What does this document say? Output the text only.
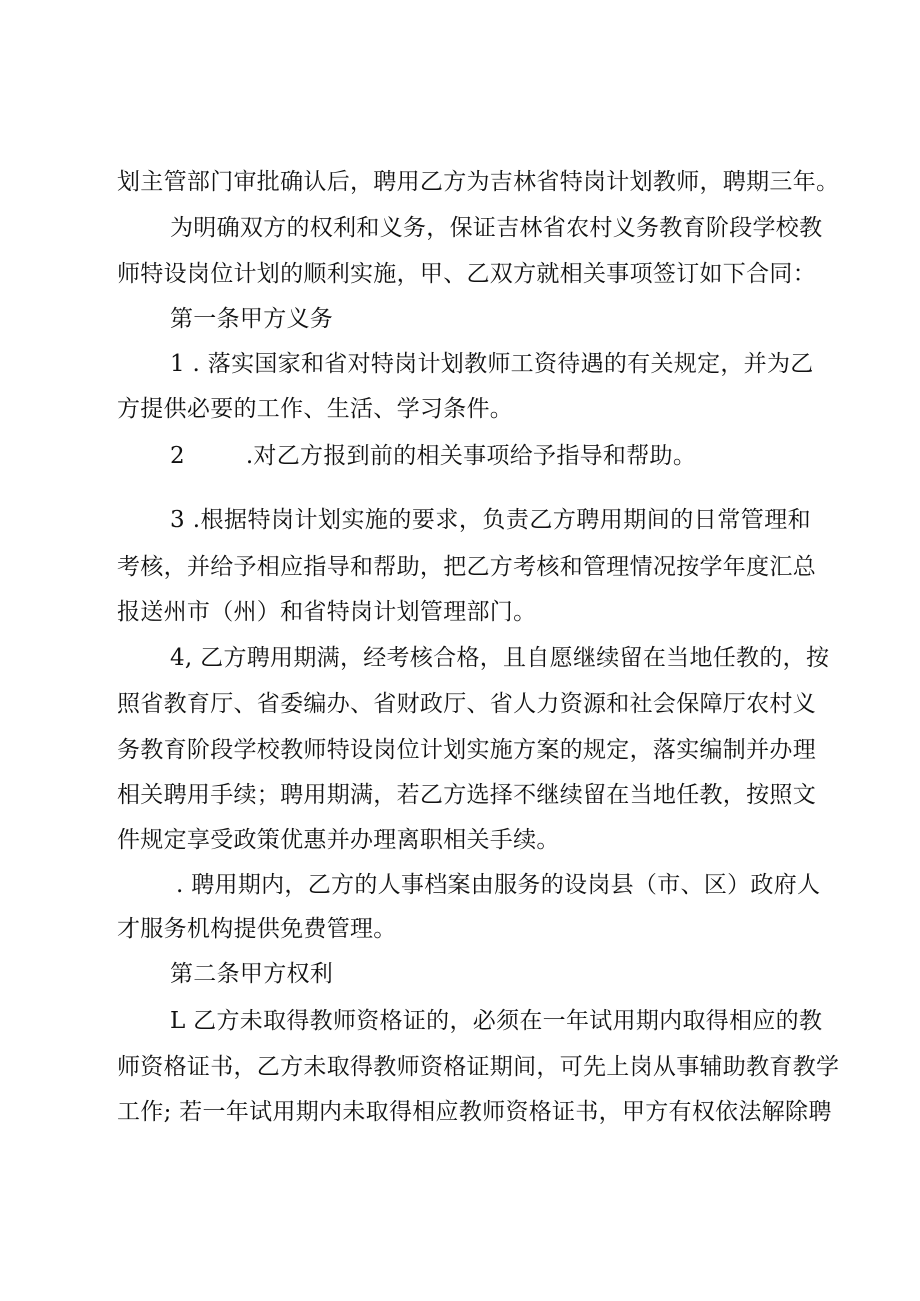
划主管部门审批确认后，聘用乙方为吉林省特岗计划教师，聘期三年。
为明确双方的权利和义务，保证吉林省农村义务教育阶段学校教
师特设岗位计划的顺利实施，甲、乙双方就相关事项签订如下合同：
第一条甲方义务
1 . 落实国家和省对特岗计划教师工资待遇的有关规定，并为乙
方提供必要的工作、生活、学习条件。
2        .对乙方报到前的相关事项给予指导和帮助。
3 .根据特岗计划实施的要求，负责乙方聘用期间的日常管理和
考核，并给予相应指导和帮助，把乙方考核和管理情况按学年度汇总
报送州市（州）和省特岗计划管理部门。
4, 乙方聘用期满，经考核合格，且自愿继续留在当地任教的，按
照省教育厅、省委编办、省财政厅、省人力资源和社会保障厅农村义
务教育阶段学校教师特设岗位计划实施方案的规定，落实编制并办理
相关聘用手续；聘用期满，若乙方选择不继续留在当地任教，按照文
件规定享受政策优惠并办理离职相关手续。
. 聘用期内，乙方的人事档案由服务的设岗县（市、区）政府人
才服务机构提供免费管理。
第二条甲方权利
L 乙方未取得教师资格证的，必须在一年试用期内取得相应的教
师资格证书，乙方未取得教师资格证期间，可先上岗从事辅助教育教学
工作; 若一年试用期内未取得相应教师资格证书，甲方有权依法解除聘
